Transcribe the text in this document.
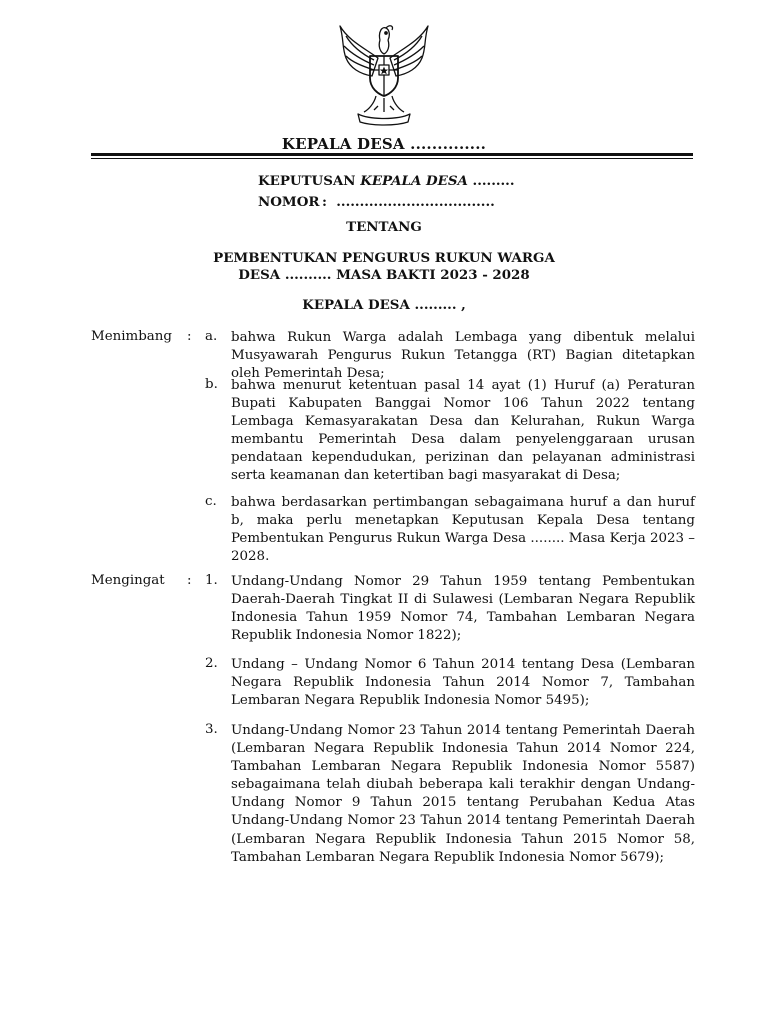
KEPALA DESA ..............
KEPUTUSAN KEPALA DESA .........
NOMOR :  ..................................
TENTANG
PEMBENTUKAN PENGURUS RUKUN WARGA
DESA .......... MASA BAKTI 2023 - 2028
KEPALA DESA ......... ,
Menimbang : a. bahwa Rukun Warga adalah Lembaga yang dibentuk melalui Musyawarah Pengurus Rukun Tetangga (RT) Bagian ditetapkan oleh Pemerintah Desa;
b. bahwa menurut ketentuan pasal 14 ayat (1) Huruf (a) Peraturan Bupati Kabupaten Banggai Nomor 106 Tahun 2022 tentang Lembaga Kemasyarakatan Desa dan Kelurahan, Rukun Warga membantu Pemerintah Desa dalam penyelenggaraan urusan pendataan kependudukan, perizinan dan pelayanan administrasi serta keamanan dan ketertiban bagi masyarakat di Desa;
c. bahwa berdasarkan pertimbangan sebagaimana huruf a dan huruf b, maka perlu menetapkan Keputusan Kepala Desa tentang Pembentukan Pengurus Rukun Warga Desa ........ Masa Kerja 2023 – 2028.
Mengingat : 1. Undang-Undang Nomor 29 Tahun 1959 tentang Pembentukan Daerah-Daerah Tingkat II di Sulawesi (Lembaran Negara Republik Indonesia Tahun 1959 Nomor 74, Tambahan Lembaran Negara Republik Indonesia Nomor 1822);
2. Undang – Undang Nomor 6 Tahun 2014 tentang Desa (Lembaran Negara Republik Indonesia Tahun 2014 Nomor 7, Tambahan Lembaran Negara Republik Indonesia Nomor 5495);
3. Undang-Undang Nomor 23 Tahun 2014 tentang Pemerintah Daerah (Lembaran Negara Republik Indonesia Tahun 2014 Nomor 224, Tambahan Lembaran Negara Republik Indonesia Nomor 5587) sebagaimana telah diubah beberapa kali terakhir dengan Undang-Undang Nomor 9 Tahun 2015 tentang Perubahan Kedua Atas Undang-Undang Nomor 23 Tahun 2014 tentang Pemerintah Daerah (Lembaran Negara Republik Indonesia Tahun 2015 Nomor 58, Tambahan Lembaran Negara Republik Indonesia Nomor 5679);
